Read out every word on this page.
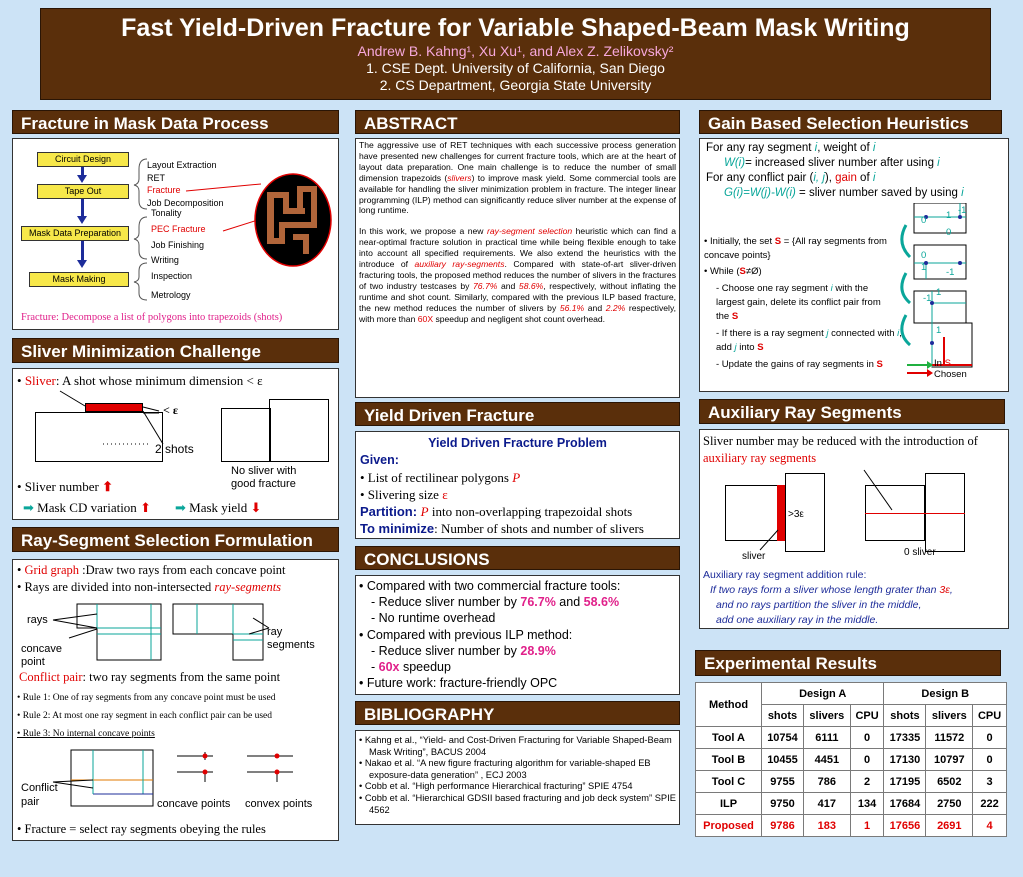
Fast Yield-Driven Fracture for Variable Shaped-Beam Mask Writing
Andrew B. Kahng¹, Xu Xu¹, and Alex Z. Zelikovsky²
1. CSE Dept. University of California, San Diego
2. CS Department, Georgia State University
Fracture in Mask Data Process
Circuit Design
Tape Out
Mask Data Preparation
Mask Making
Layout Extraction
RET
Fracture
Job Decomposition
Tonality
PEC Fracture
Job Finishing
Writing
Inspection
Metrology
Fracture: Decompose a list of polygons into trapezoids (shots)
Sliver Minimization Challenge
• Sliver: A shot whose minimum dimension < ε
< ε
2 shots
No sliver with good fracture
• Sliver number ⬆
➡ Mask CD variation ⬆ ➡ Mask yield ⬇
Ray-Segment Selection Formulation
• Grid graph :Draw two rays from each concave point
• Rays are divided into non-intersected ray-segments
rays
concave point
ray segments
Conflict pair: two ray segments from the same point
• Rule 1: One of ray segments from any concave point must be used
• Rule 2: At most one ray segment in each conflict pair can be used
• Rule 3: No internal concave points
Conflict pair	concave points convex points
• Fracture = select ray segments obeying the rules
ABSTRACT

The aggressive use of RET techniques with each successive process generation have presented new challenges for current fracture tools, which are at the heart of layout data preparation. One main challenge is to reduce the number of small dimension trapezoids (slivers) to improve mask yield. Some commercial tools are available for handling the sliver minimization problem in fracture. The integer linear programming (ILP) method can significantly reduce sliver number at the expense of long runtime.

In this work, we propose a new ray-segment selection heuristic which can find a near-optimal fracture solution in practical time while being flexible enough to take into account all specified requirements. We also extend the heuristics with the introduce of auxiliary ray-segments. Compared with state-of-art sliver-driven fracturing tools, the proposed method reduces the number of slivers in the fractures of two industry testcases by 76.7% and 58.6%, respectively, without inflating the runtime and shot count. Similarly, compared with the previous ILP based fracture, the new method reduces the number of slivers by 56.1% and 2.2% respectively, with more than 60X speedup and negligent shot count overhead.

Yield Driven Fracture
Yield Driven Fracture Problem
Given:
• List of rectilinear polygons P
• Slivering size ε
Partition: P into non-overlapping trapezoidal shots
To minimize: Number of shots and number of slivers
CONCLUSIONS
• Compared with two commercial fracture tools:
- Reduce sliver number by 76.7% and 58.6%
- No runtime overhead
• Compared with previous ILP method:
- Reduce sliver number by 28.9%
- 60x speedup
• Future work: fracture-friendly OPC
BIBLIOGRAPHY
• Kahng et al., “Yield- and Cost-Driven Fracturing for Variable Shaped-Beam Mask Writing”, BACUS 2004
• Nakao et al. “A new figure fracturing algorithm for variable-shaped EB exposure-data generation” , ECJ 2003
• Cobb et al. “High performance Hierarchical fracturing” SPIE 4754
• Cobb et al. “Hierarchical GDSII based fracturing and job deck system” SPIE 4562
Gain Based Selection Heuristics
For any ray segment i, weight of i
W(i)= increased sliver number after using i
For any conflict pair (i, j), gain of i
G(i)=W(j)-W(i) = sliver number saved by using i
• Initially, the set S = {All ray segments from concave points}
• While (S≠Ø)
- Choose one ray segment i with the largest gain, delete its conflict pair from the S
- If there is a ray segment j connected with i, add j into S
- Update the gains of ray segments in S
0 1 -1
0
0
1 -1
-1
1
1
In S
Chosen
Auxiliary Ray Segments
Sliver number may be reduced with the introduction of auxiliary ray segments
>3ε
sliver	0 sliver
Auxiliary ray segment addition rule:
If two rays form a sliver whose length grater than 3ε,
and no rays partition the sliver in the middle,
add one auxiliary ray in the middle.
Experimental Results
Method	Design A			Design B		
	shots	slivers	CPU	shots	slivers	CPU
Tool A	10754	6111	0	17335	11572	0
Tool B	10455	4451	0	17130	10797	0
Tool C	9755	786	2	17195	6502	3
ILP	9750	417	134	17684	2750	222
Proposed	9786	183	1	17656	2691	4
